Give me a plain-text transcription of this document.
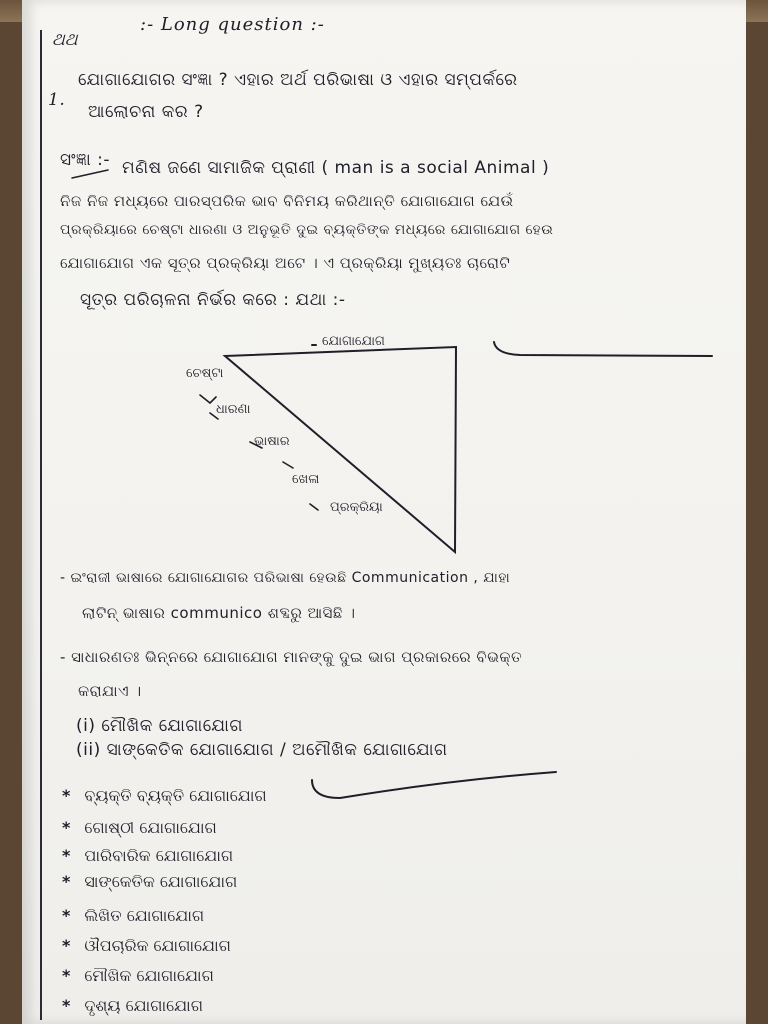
ଥଥ
:- Long question :-
1.
ଯୋଗାଯୋଗର ସଂଜ୍ଞା ? ଏହାର ଅର୍ଥ ପରିଭାଷା ଓ ଏହାର ସମ୍ପର୍କରେ
ଆଲୋଚନା କର ?
ସଂଜ୍ଞା :- ମଣିଷ ଜଣେ ସାମାଜିକ ପ୍ରାଣୀ ( man is a social Animal )
ନିଜ ନିଜ ମଧ୍ୟରେ ପାରସ୍ପରିକ ଭାବ ବିନିମୟ କରିଥାନ୍ତି ଯୋଗାଯୋଗ ଯେଉଁ
ପ୍ରକ୍ରିୟାରେ ଚେଷ୍ଟା ଧାରଣା ଓ ଅନୁଭୂତି ଦୁଇ ବ୍ୟକ୍ତିଙ୍କ ମଧ୍ୟରେ ଯୋଗାଯୋଗ ହେଉ
ଯୋଗାଯୋଗ ଏକ ସୂତ୍ର ପ୍ରକ୍ରିୟା ଅଟେ । ଏ ପ୍ରକ୍ରିୟା ମୁଖ୍ୟତଃ ଚାରୋଟି
ସୂତ୍ର ପରିଚାଳନା ନିର୍ଭର କରେ : ଯଥା :-
ଯୋଗାଯୋଗ
ଚେଷ୍ଟା
ଧାରଣା
ଭାଷାର
ଖେଳା
ପ୍ରକ୍ରିୟା
- ଇଂରାଜୀ ଭାଷାରେ ଯୋଗାଯୋଗର ପରିଭାଷା ହେଉଛି Communication , ଯାହା
ଲାଟିନ୍ ଭାଷାର communico ଶବ୍ଦରୁ ଆସିଛି ।
- ସାଧାରଣତଃ ଭିନ୍ନରେ ଯୋଗାଯୋଗ ମାନଙ୍କୁ ଦୁଇ ଭାଗ ପ୍ରକାରରେ ବିଭକ୍ତ
କରାଯାଏ ।
(i) ମୌଖିକ ଯୋଗାଯୋଗ
(ii) ସାଙ୍କେତିକ ଯୋଗାଯୋଗ / ଅମୌଖିକ ଯୋଗାଯୋଗ
* ବ୍ୟକ୍ତି ବ୍ୟକ୍ତି ଯୋଗାଯୋଗ
* ଗୋଷ୍ଠୀ ଯୋଗାଯୋଗ
* ପାରିବାରିକ ଯୋଗାଯୋଗ
* ସାଙ୍କେତିକ ଯୋଗାଯୋଗ
* ଲିଖିତ ଯୋଗାଯୋଗ
* ଔପଚାରିକ ଯୋଗାଯୋଗ
* ମୌଖିକ ଯୋଗାଯୋଗ
* ଦୃଶ୍ୟ ଯୋଗାଯୋଗ
